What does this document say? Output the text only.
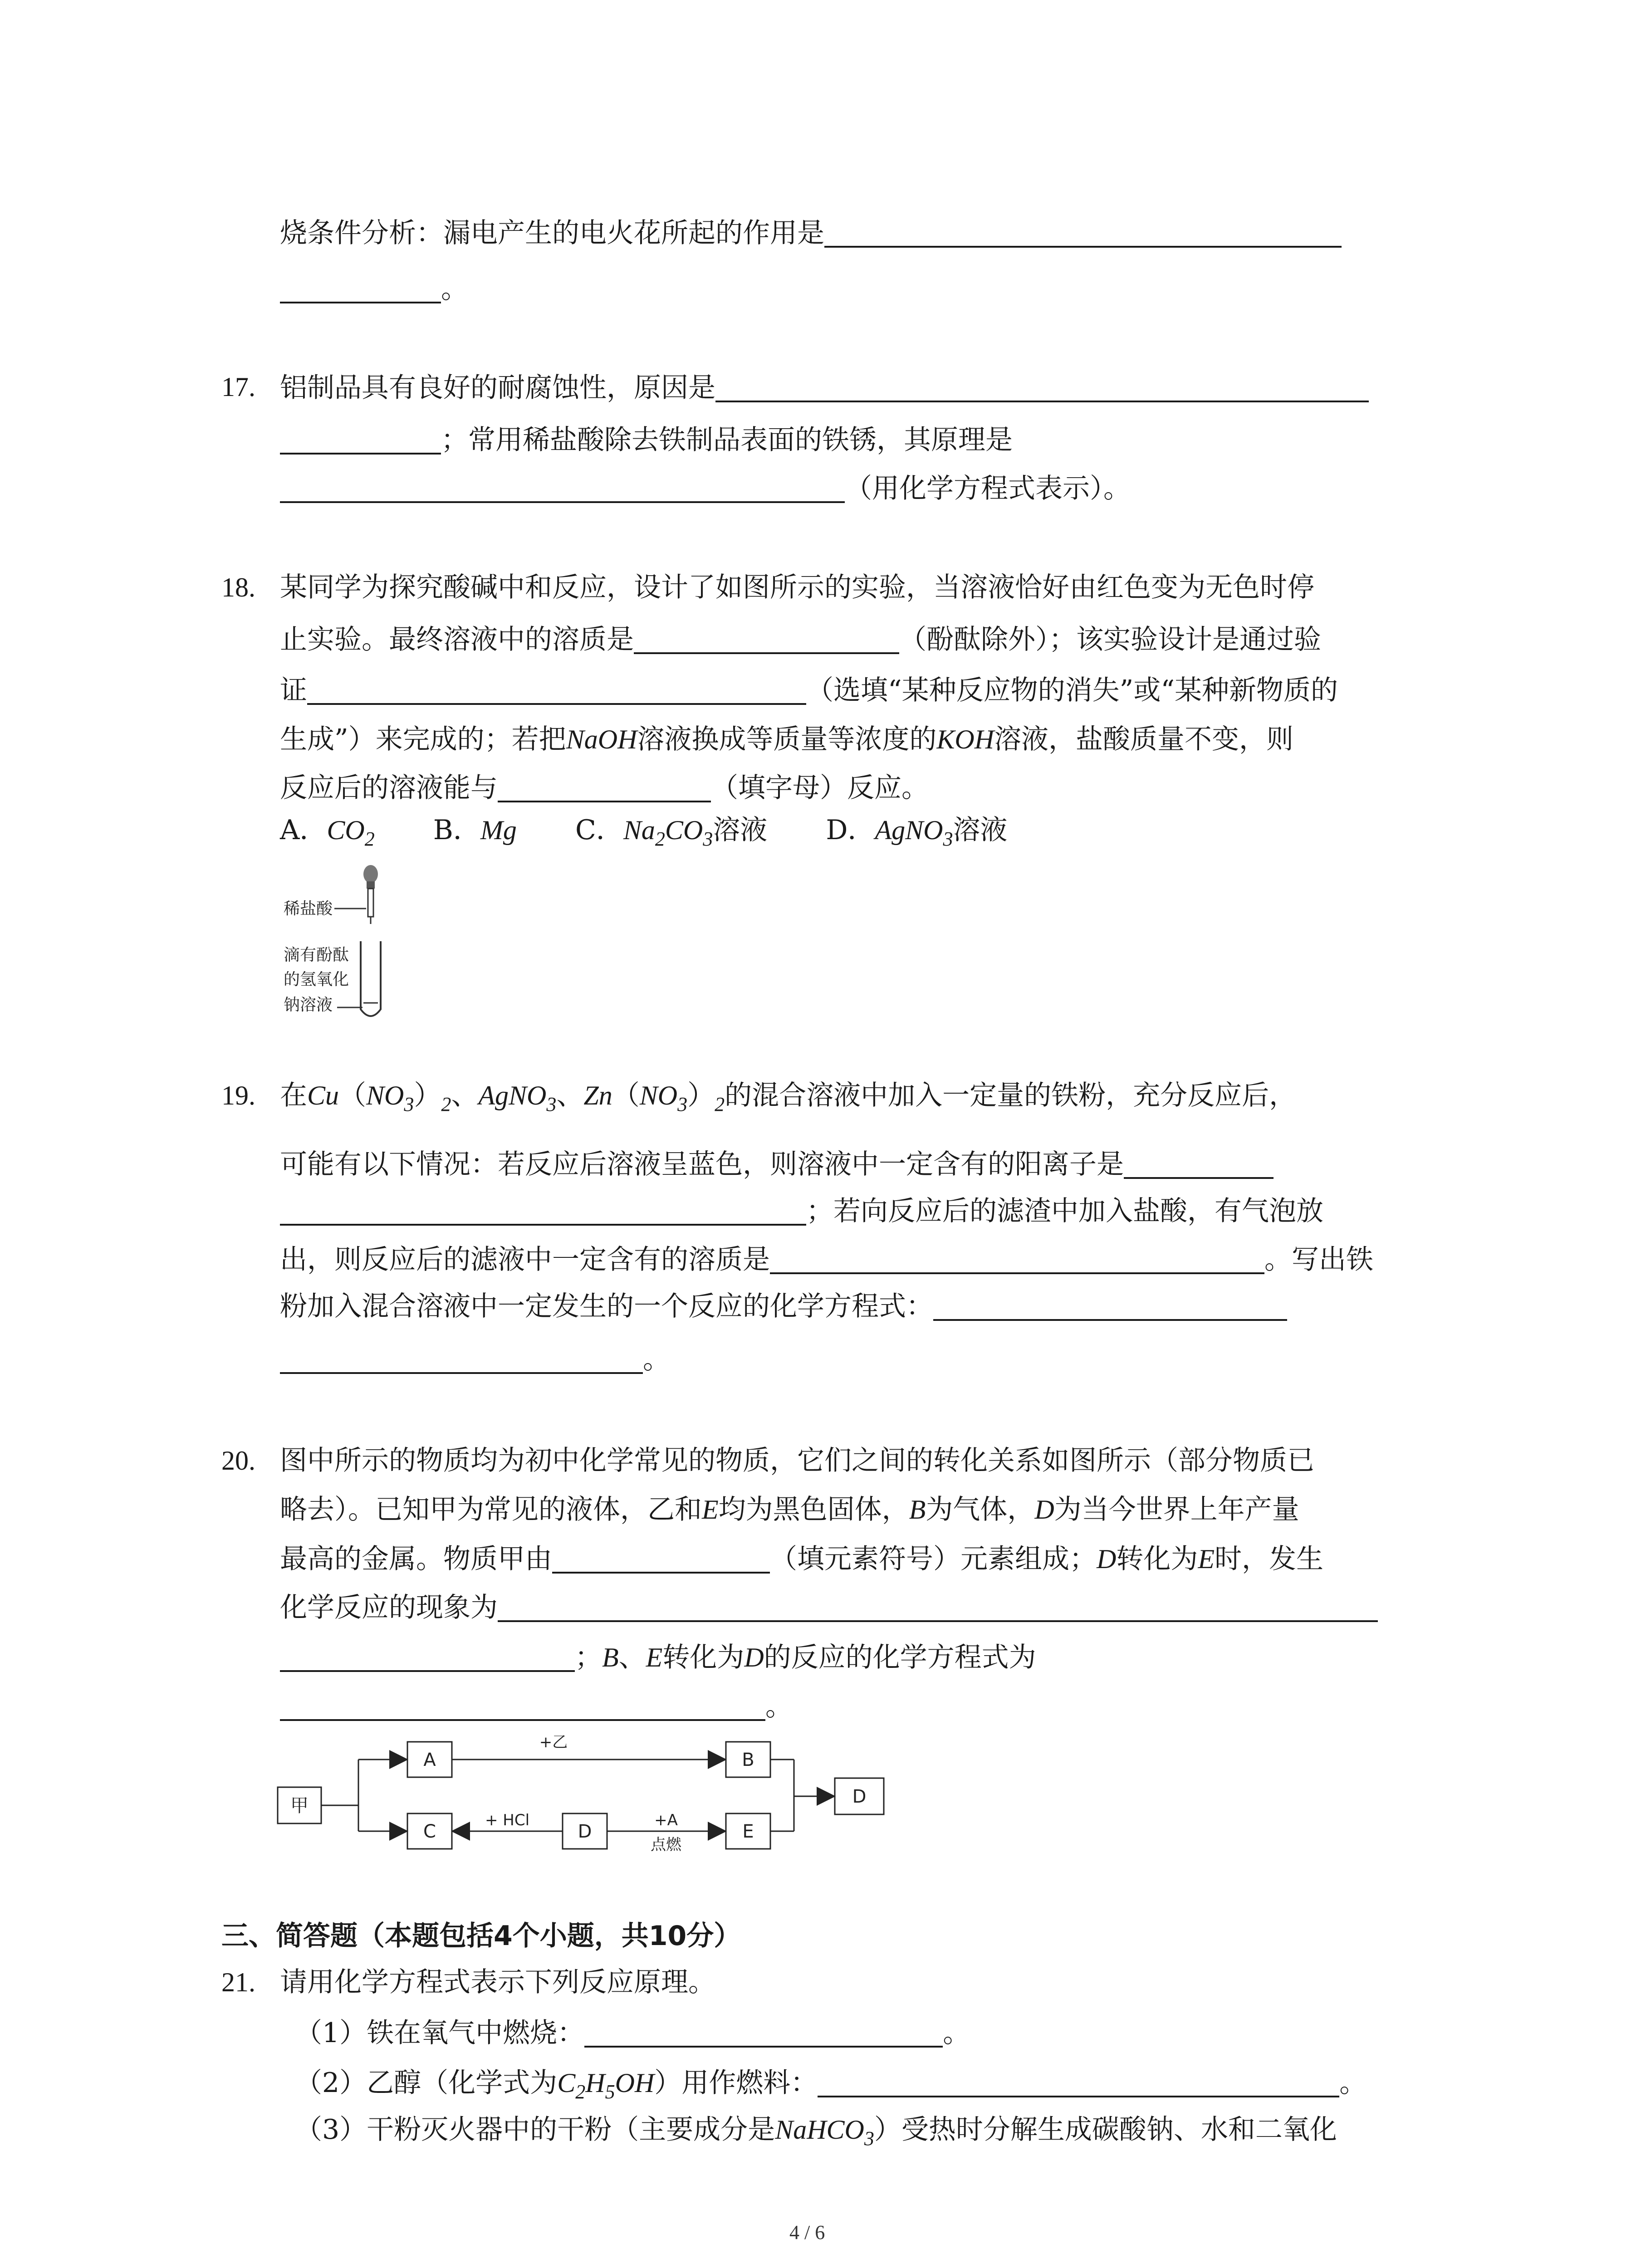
烧条件分析：漏电产生的电火花所起的作用是
。
17. 铝制品具有良好的耐腐蚀性，原因是
；常用稀盐酸除去铁制品表面的铁锈，其原理是
（用化学方程式表示）。
18. 某同学为探究酸碱中和反应，设计了如图所示的实验，当溶液恰好由红色变为无色时停
止实验。最终溶液中的溶质是	（酚酞除外）；该实验设计是通过验
证	（选填“某种反应物的消失”或“某种新物质的
生成”）来完成的；若把NaOH溶液换成等质量等浓度的KOH溶液，盐酸质量不变，则
反应后的溶液能与	（填字母）反应。
A．$CO_2$ B．Mg C．$Na_2CO_3$溶液 D．AgNO$_3$溶液
稀盐酸
滴有酚酞
的氢氧化
钠溶液
19. 在$Cu(NO_3)_2$、AgNO$_3$、$Zn(NO_3)_2$的混合溶液中加入一定量的铁粉，充分反应后，
可能有以下情况：若反应后溶液呈蓝色，则溶液中一定含有的阳离子是
；若向反应后的滤渣中加入盐酸，有气泡放
出，则反应后的滤液中一定含有的溶质是	。写出铁
粉加入混合溶液中一定发生的一个反应的化学方程式：
。
20. 图中所示的物质均为初中化学常见的物质，它们之间的转化关系如图所示（部分物质已
略去）。已知甲为常见的液体，乙和E均为黑色固体，B为气体，D为当今世界上年产量
最高的金属。物质甲由	（填元素符号）元素组成；D转化为E时，发生
化学反应的现象为
；B、E转化为D的反应的化学方程式为
。
甲
A	B
C	D	E
D
+乙
+ HCl	+A
点燃
三、简答题（本题包括4个小题，共10分）
21. 请用化学方程式表示下列反应原理。
（1）铁在氧气中燃烧：	。
（2）乙醇（化学式为$C_2H_5OH$）用作燃料：	。
（3）干粉灭火器中的干粉（主要成分是NaHCO$_3$）受热时分解生成碳酸钠、水和二氧化
4 / 6
